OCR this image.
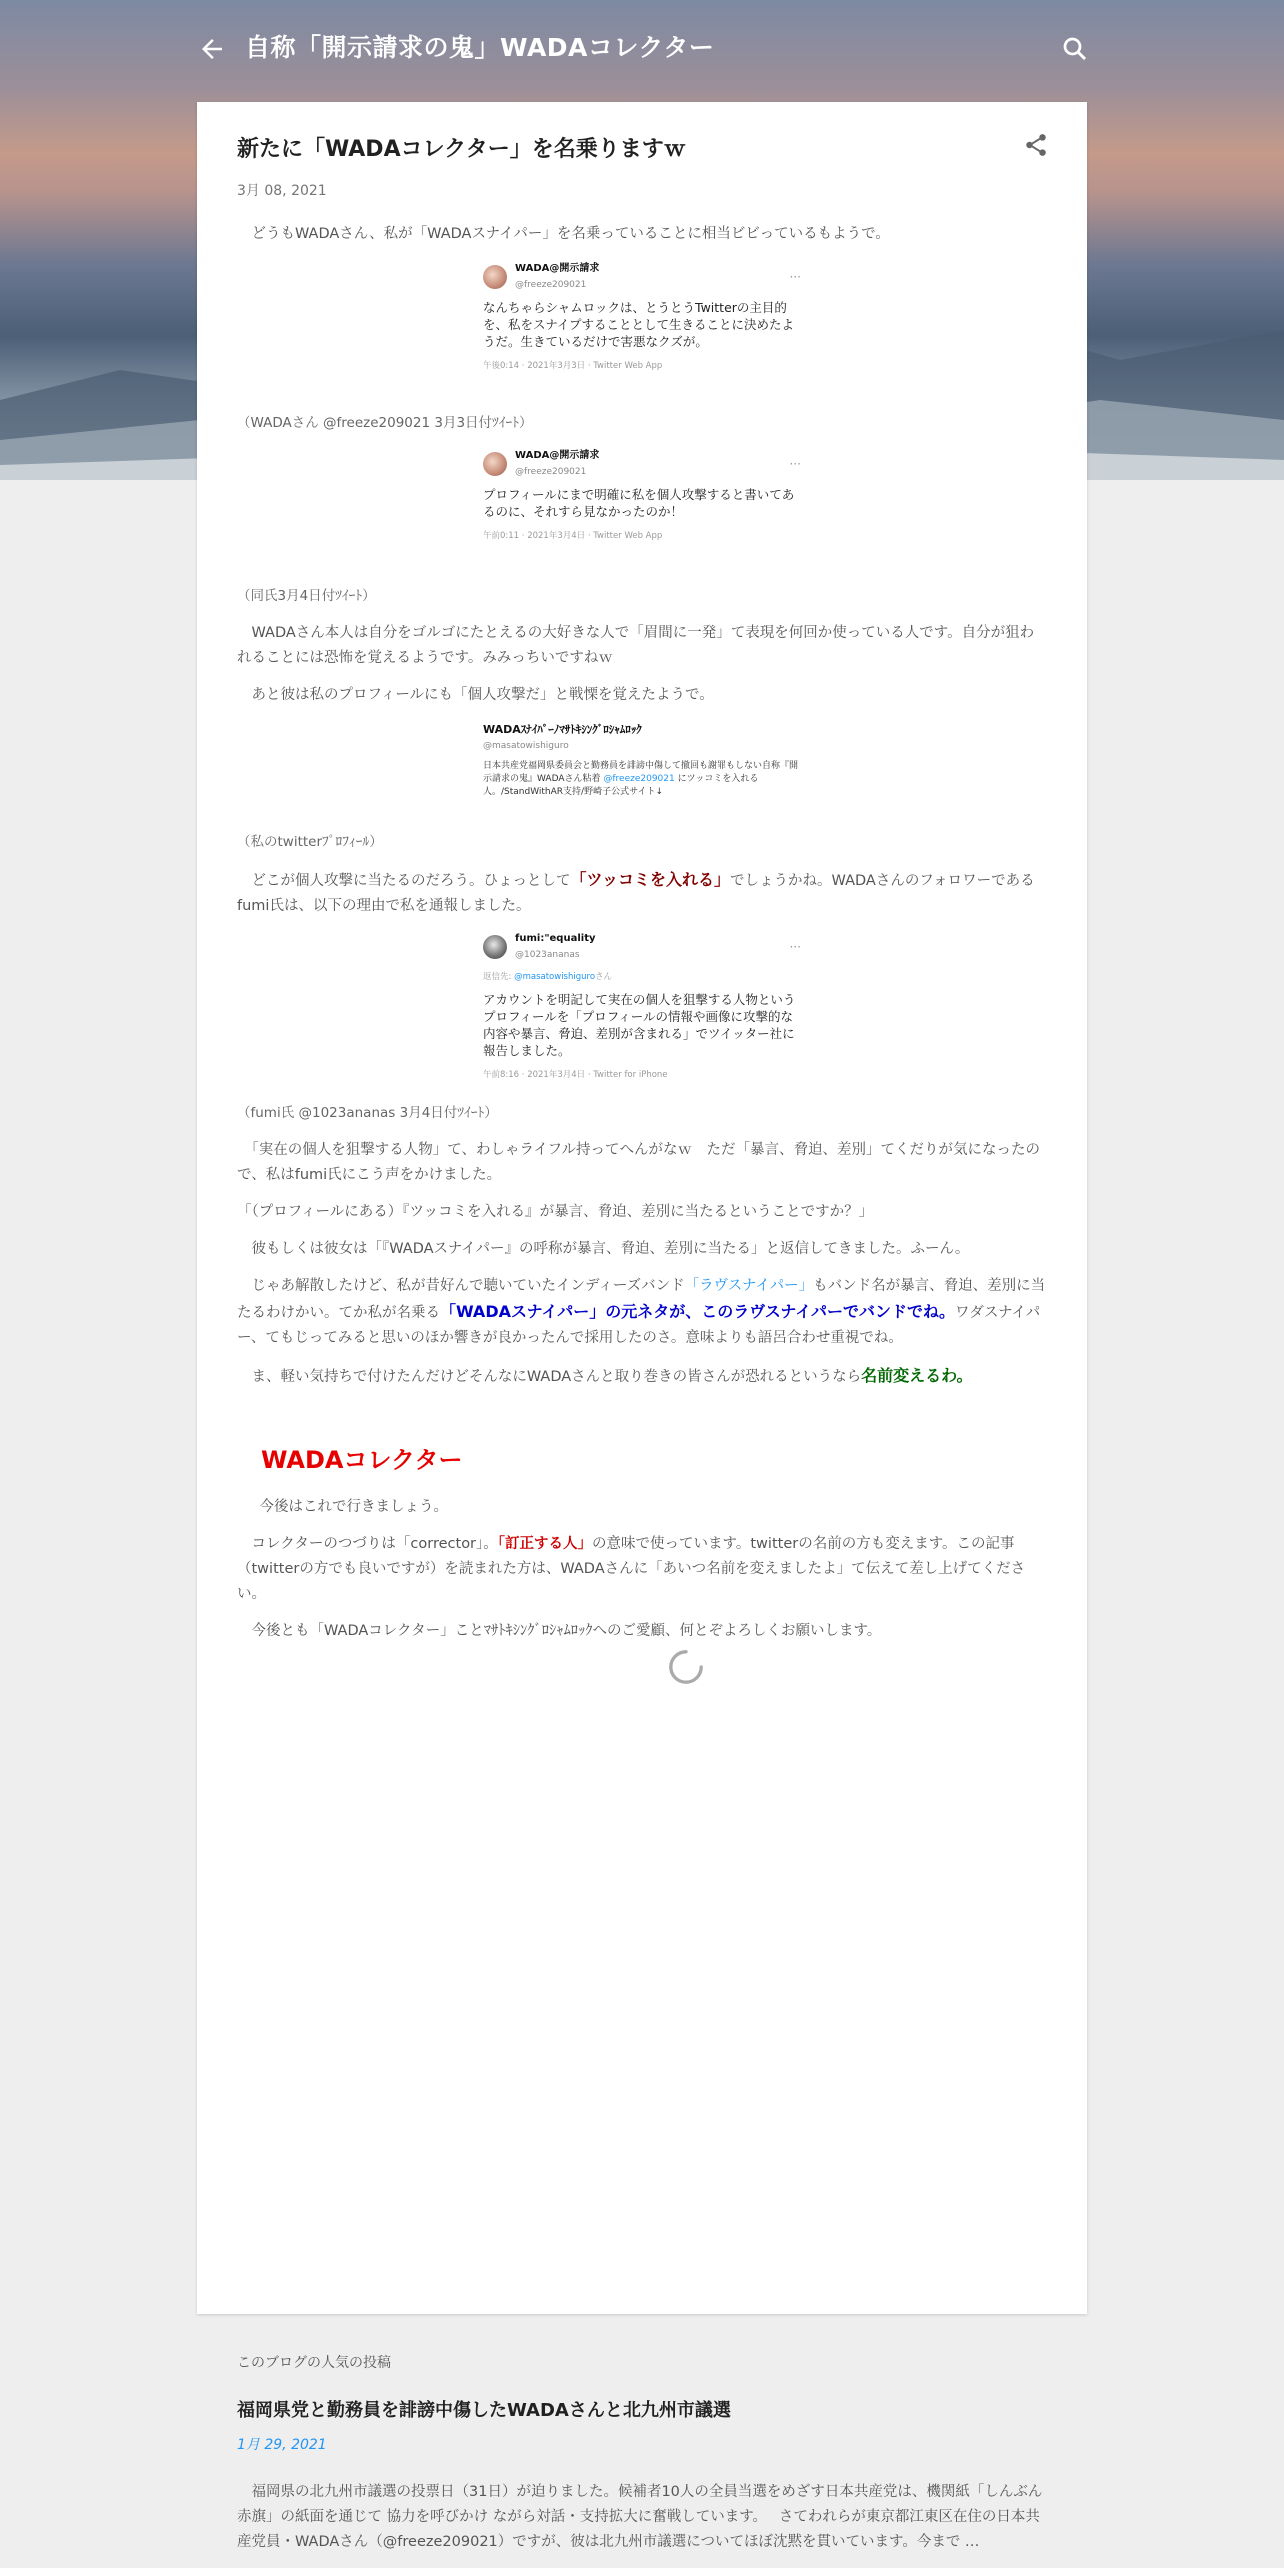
自称「開示請求の鬼」WADAコレクター
新たに「WADAコレクター」を名乗りますｗ
3月 08, 2021

　どうもWADAさん、私が「WADAスナイパー」を名乗っていることに相当ビビっているもようで。

WADA@開示請求
@freeze209021
···
なんちゃらシャムロックは、とうとうTwitterの主目的を、私をスナイプすることとして生きることに決めたようだ。生きているだけで害悪なクズが。
午後0:14 · 2021年3月3日 · Twitter Web App

（WADAさん @freeze209021 3月3日付ﾂｲｰﾄ）

WADA@開示請求
@freeze209021
···
プロフィールにまで明確に私を個人攻撃すると書いてあるのに、それすら見なかったのか！
午前0:11 · 2021年3月4日 · Twitter Web App

（同氏3月4日付ﾂｲｰﾄ）

　WADAさん本人は自分をゴルゴにたとえるの大好きな人で「眉間に一発」て表現を何回か使っている人です。自分が狙われることには恐怖を覚えるようです。みみっちいですねｗ

　あと彼は私のプロフィールにも「個人攻撃だ」と戦慄を覚えたようで。

WADAｽﾅｲﾊﾟｰﾉﾏｻﾄｷｼﾝｸﾞﾛｼｬﾑﾛｯｸ
@masatowishiguro
日本共産党福岡県委員会と勤務員を誹謗中傷して撤回も謝罪もしない自称『開示請求の鬼』WADAさん粘着 @freeze209021 にツッコミを入れる人。/StandWithAR支持/野崎子公式サイト↓

（私のtwitterﾌﾟﾛﾌｨｰﾙ）

　どこが個人攻撃に当たるのだろう。ひょっとして「ツッコミを入れる」でしょうかね。WADAさんのフォロワーであるfumi氏は、以下の理由で私を通報しました。

fumi:"equality
@1023ananas
···
返信先: @masatowishiguroさん
アカウントを明記して実在の個人を狙撃する人物というプロフィールを「プロフィールの情報や画像に攻撃的な内容や暴言、脅迫、差別が含まれる」でツイッター社に報告しました。
午前8:16 · 2021年3月4日 · Twitter for iPhone

（fumi氏 @1023ananas 3月4日付ﾂｲｰﾄ）

　「実在の個人を狙撃する人物」て、わしゃライフル持ってへんがなｗ　ただ「暴言、脅迫、差別」てくだりが気になったので、私はfumi氏にこう声をかけました。

「（プロフィールにある）『ツッコミを入れる』が暴言、脅迫、差別に当たるということですか？」

　彼もしくは彼女は「『WADAスナイパー』の呼称が暴言、脅迫、差別に当たる」と返信してきました。ふーん。

　じゃあ解散したけど、私が昔好んで聴いていたインディーズバンド「ラヴスナイパー」もバンド名が暴言、脅迫、差別に当たるわけかい。てか私が名乗る「WADAスナイパー」の元ネタが、このラヴスナイパーでバンドでね。ワダスナイパー、てもじってみると思いのほか響きが良かったんで採用したのさ。意味よりも語呂合わせ重視でね。

　ま、軽い気持ちで付けたんだけどそんなにWADAさんと取り巻きの皆さんが恐れるというなら名前変えるわ。

WADAコレクター

　今後はこれで行きましょう。

　コレクターのつづりは「corrector」。「訂正する人」の意味で使っています。twitterの名前の方も変えます。この記事（twitterの方でも良いですが）を読まれた方は、WADAさんに「あいつ名前を変えましたよ」て伝えて差し上げてください。

　今後とも「WADAコレクター」ことﾏｻﾄｷｼﾝｸﾞﾛｼｬﾑﾛｯｸへのご愛顧、何とぞよろしくお願いします。

このブログの人気の投稿
福岡県党と勤務員を誹謗中傷したWADAさんと北九州市議選
1月 29, 2021
　福岡県の北九州市議選の投票日（31日）が迫りました。候補者10人の全員当選をめざす日本共産党は、機関紙「しんぶん赤旗」の紙面を通じて 協力を呼びかけ ながら対話・支持拡大に奮戦しています。　 さてわれらが東京都江東区在住の日本共産党員・WADAさん（@freeze209021）ですが、彼は北九州市議選についてほぼ沈黙を貫いています。今まで …
